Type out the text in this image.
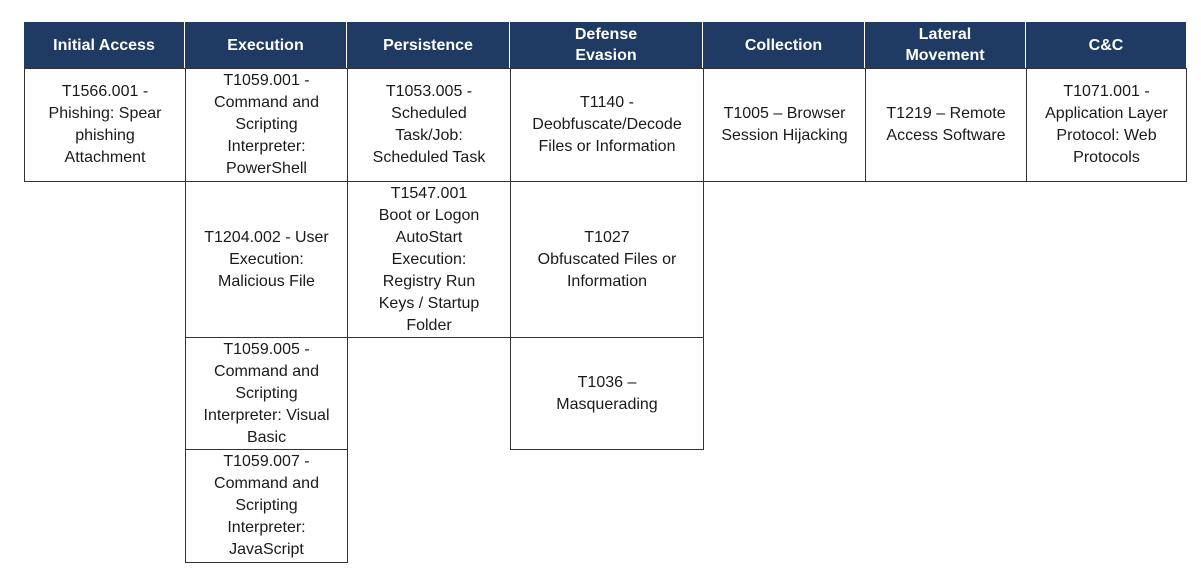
Initial Access	Execution	Persistence
Defense
Evasion
Collection
Lateral
Movement
C&C
T1566.001 -
Phishing: Spear
phishing
Attachment
T1059.001 -
Command and
Scripting
Interpreter:
PowerShell
T1053.005 -
Scheduled
Task/Job:
Scheduled Task
T1140 -
Deobfuscate/Decode
Files or Information
T1005 – Browser
Session Hijacking
T1219 – Remote
Access Software
T1071.001 -
Application Layer
Protocol: Web
Protocols
T1204.002 - User
Execution:
Malicious File
T1547.001
Boot or Logon
AutoStart
Execution:
Registry Run
Keys / Startup
Folder
T1027
Obfuscated Files or
Information
T1059.005 -
Command and
Scripting
Interpreter: Visual
Basic
T1036 –
Masquerading
T1059.007 -
Command and
Scripting
Interpreter:
JavaScript
